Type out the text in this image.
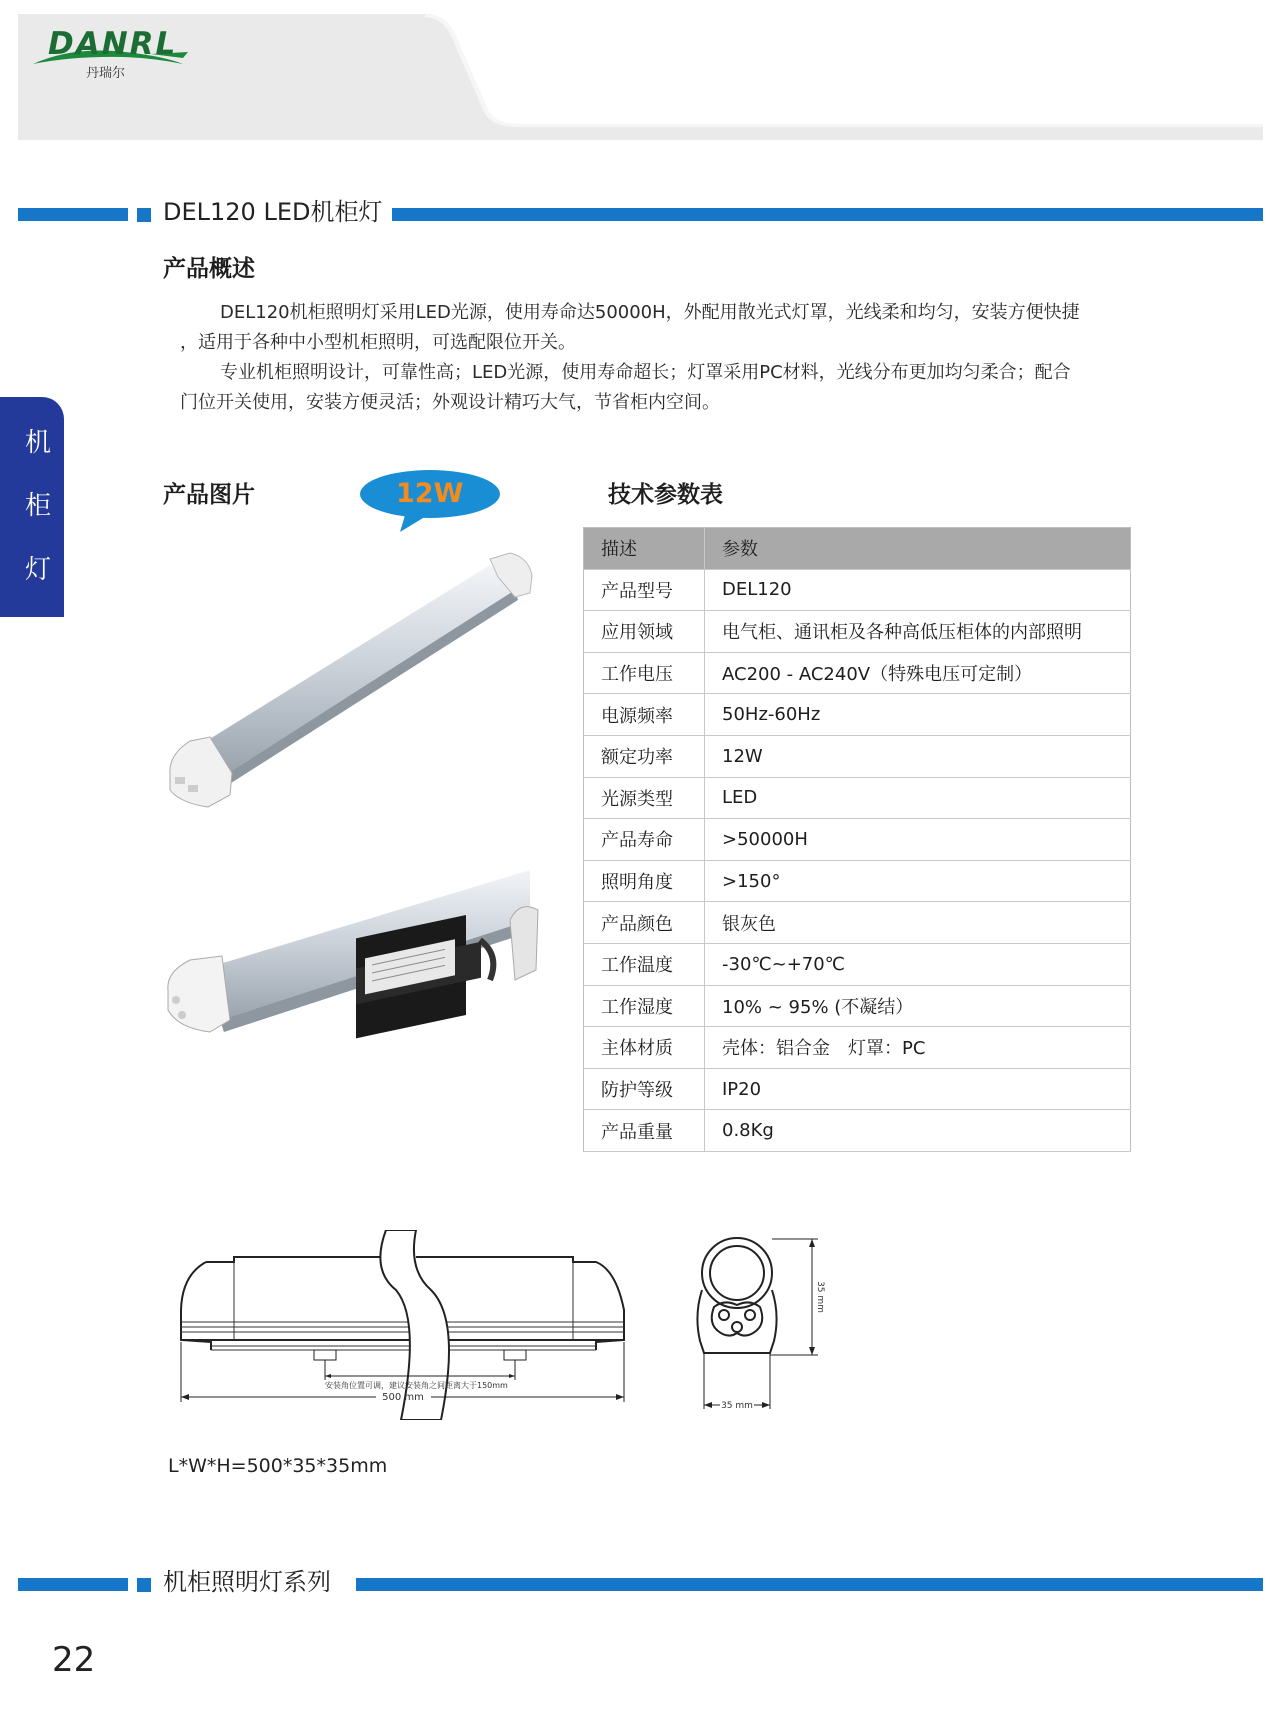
DANRL
丹瑞尔
DEL120 LED机柜灯
机
柜
灯
产品概述

DEL120机柜照明灯采用LED光源，使用寿命达50000H，外配用散光式灯罩，光线柔和均匀，安装方便快捷

，适用于各种中小型机柜照明，可选配限位开关。

专业机柜照明设计，可靠性高；LED光源，使用寿命超长；灯罩采用PC材料，光线分布更加均匀柔合；配合

门位开关使用，安装方便灵活；外观设计精巧大气，节省柜内空间。

产品图片	12W	技术参数表
描述	参数
产品型号	DEL120
应用领域	电气柜、通讯柜及各种高低压柜体的内部照明
工作电压	AC200 - AC240V（特殊电压可定制）
电源频率	50Hz-60Hz
额定功率	12W
光源类型	LED
产品寿命	>50000H
照明角度	>150°
产品颜色	银灰色
工作温度	-30℃~+70℃
工作湿度	10% ~ 95% (不凝结）
主体材质	壳体：铝合金　灯罩：PC
防护等级	IP20
产品重量	0.8Kg
安装角位置可调，建议安装角之间距离大于150mm
500 mm
35 mm
35 mm
L*W*H=500*35*35mm
机柜照明灯系列
22
